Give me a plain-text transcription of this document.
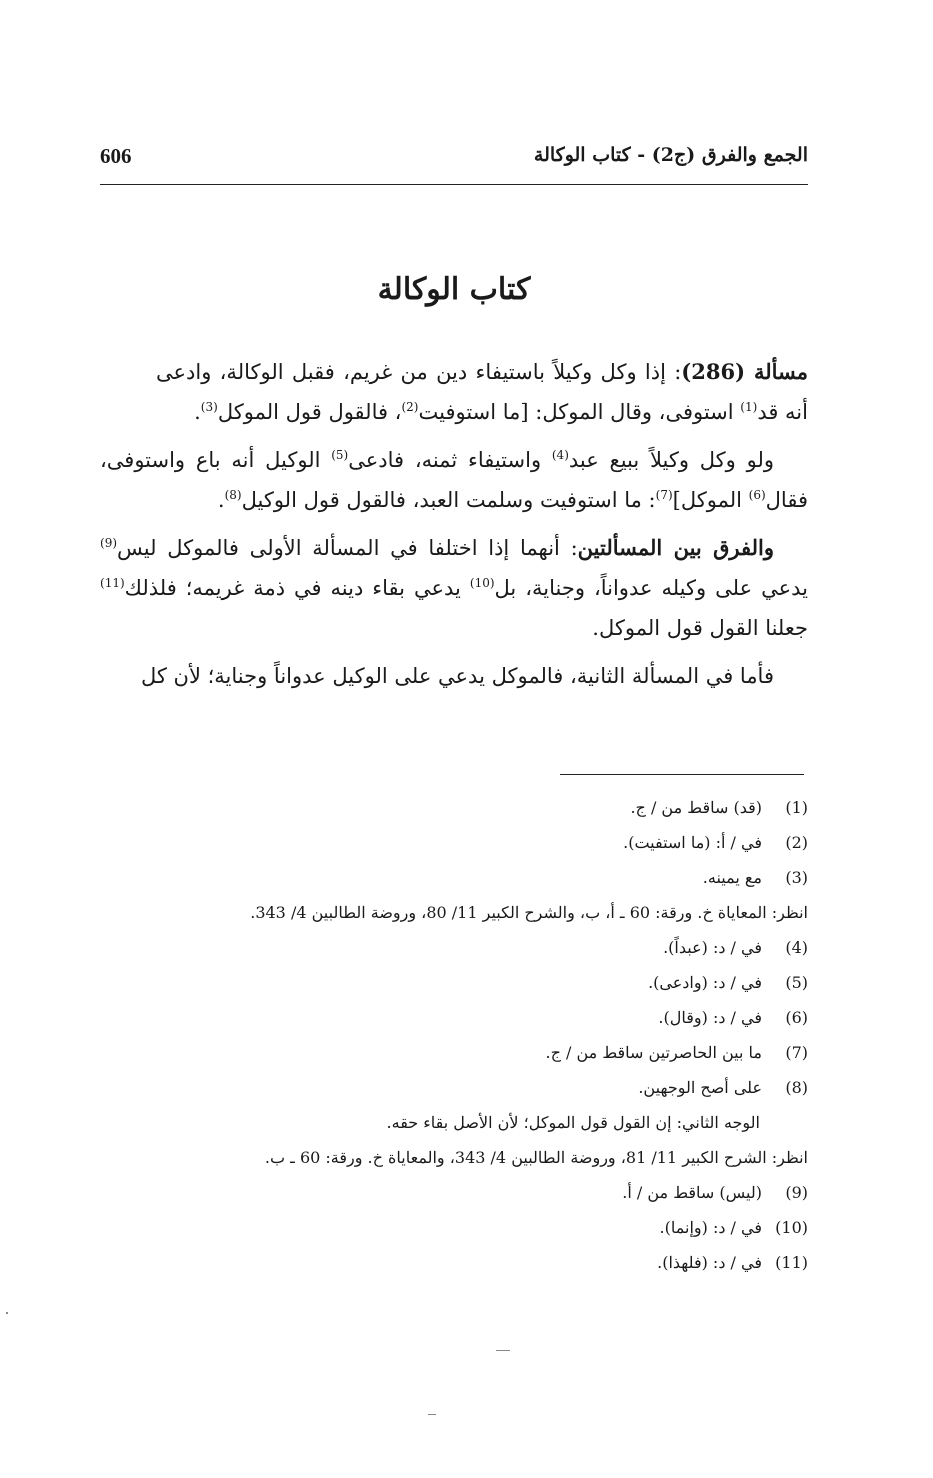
الجمع والفرق (ج2) - كتاب الوكالة
606
كتاب الوكالة

مسألة (286): إذا وكل وكيلاً باستيفاء دين من غريم، فقبل الوكالة، وادعى أنه قد$^{(1)}$ استوفى، وقال الموكل: [ما استوفيت$^{(2)}$، فالقول قول الموكل$^{(3)}$.

ولو وكل وكيلاً ببيع عبد$^{(4)}$ واستيفاء ثمنه، فادعى$^{(5)}$ الوكيل أنه باع واستوفى، فقال$^{(6)}$ الموكل]$^{(7)}$: ما استوفيت وسلمت العبد، فالقول قول الوكيل$^{(8)}$.

والفرق بين المسألتين: أنهما إذا اختلفا في المسألة الأولى فالموكل ليس$^{(9)}$ يدعي على وكيله عدواناً، وجناية، بل$^{(10)}$ يدعي بقاء دينه في ذمة غريمه؛ فلذلك$^{(11)}$ جعلنا القول قول الموكل.

فأما في المسألة الثانية، فالموكل يدعي على الوكيل عدواناً وجناية؛ لأن كل

(1)
(قد) ساقط من / ج.
(2)
في / أ: (ما استفيت).
(3)
مع يمينه.
انظر: المعاياة خ. ورقة: 60 ـ أ، ب، والشرح الكبير 11/ 80، وروضة الطالبين 4/ 343.
(4)
في / د: (عبداً).
(5)
في / د: (وادعى).
(6)
في / د: (وقال).
(7)
ما بين الحاصرتين ساقط من / ج.
(8)
على أصح الوجهين.
الوجه الثاني: إن القول قول الموكل؛ لأن الأصل بقاء حقه.
انظر: الشرح الكبير 11/ 81، وروضة الطالبين 4/ 343، والمعاياة خ. ورقة: 60 ـ ب.
(9)
(ليس) ساقط من / أ.
(10)
في / د: (وإنما).
(11)
في / د: (فلهذا).
